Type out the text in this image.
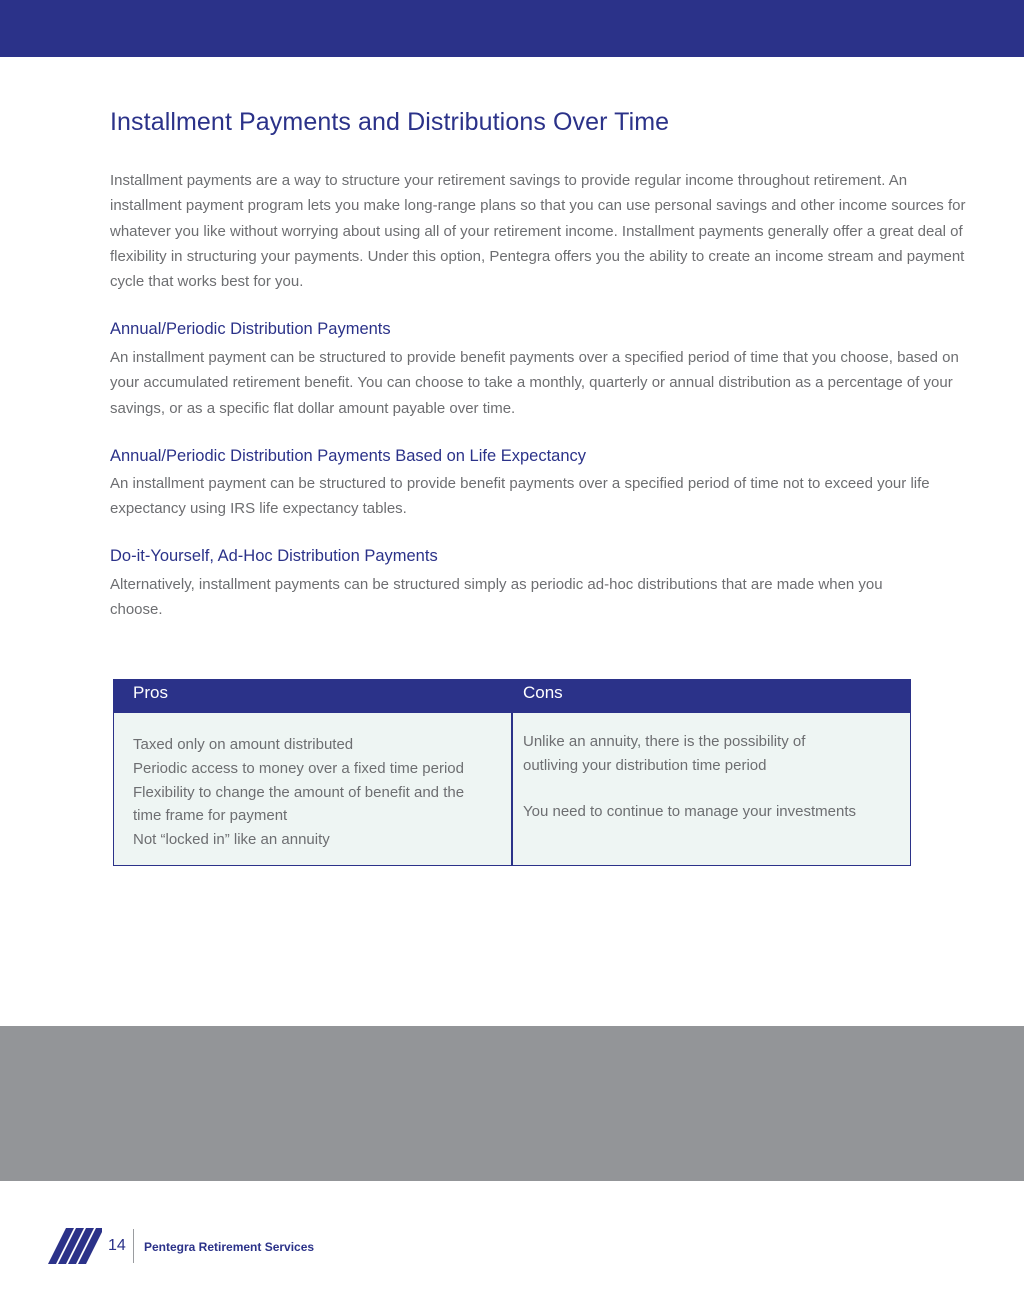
Installment Payments and Distributions Over Time

Installment payments are a way to structure your retirement savings to provide regular income throughout retirement. An installment payment program lets you make long-range plans so that you can use personal savings and other income sources for whatever you like without worrying about using all of your retirement income. Installment payments generally offer a great deal of flexibility in structuring your payments. Under this option, Pentegra offers you the ability to create an income stream and payment cycle that works best for you.

Annual/Periodic Distribution Payments

An installment payment can be structured to provide benefit payments over a specified period of time that you choose, based on your accumulated retirement benefit. You can choose to take a monthly, quarterly or annual distribution as a percentage of your savings, or as a specific flat dollar amount payable over time.

Annual/Periodic Distribution Payments Based on Life Expectancy

An installment payment can be structured to provide benefit payments over a specified period of time not to exceed your life expectancy using IRS life expectancy tables.

Do-it-Yourself, Ad-Hoc Distribution Payments

Alternatively, installment payments can be structured simply as periodic ad-hoc distributions that are made when you choose.

Pros	Cons
Taxed only on amount distributed
Periodic access to money over a fixed time period
Flexibility to change the amount of benefit and the time frame for payment
Not “locked in” like an annuity
Unlike an annuity, there is the possibility of outliving your distribution time period
You need to continue to manage your investments
14 Pentegra Retirement Services
